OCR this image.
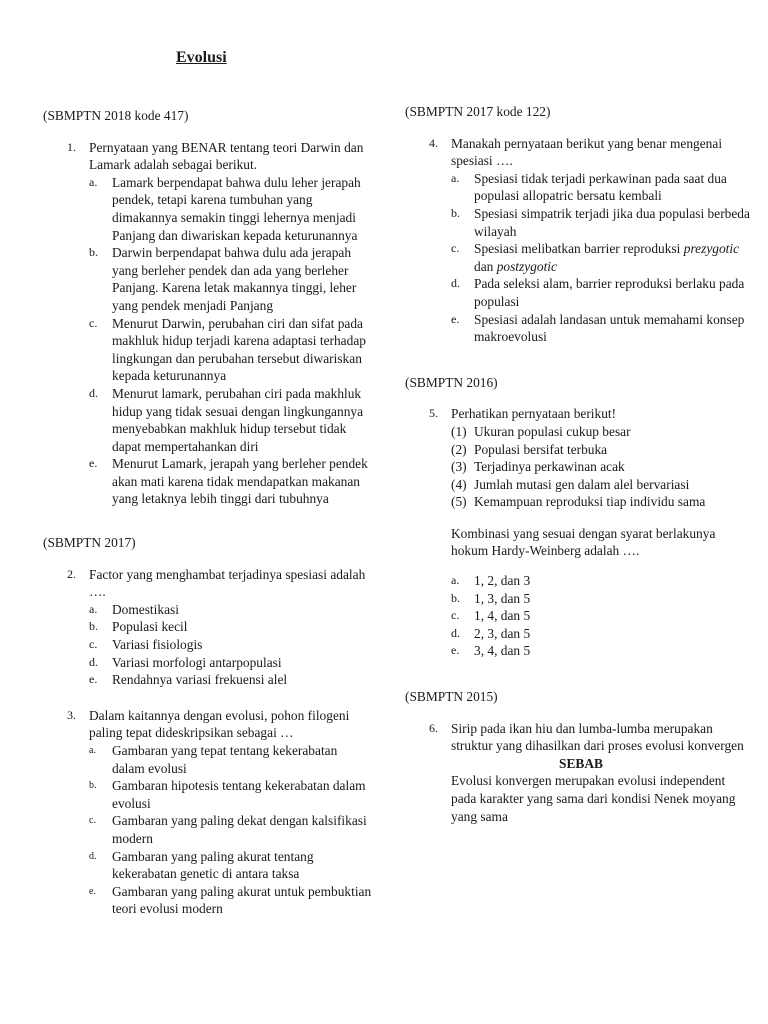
Evolusi

(SBMPTN 2018 kode 417)

1. Pernyataan yang BENAR tentang teori Darwin dan Lamark adalah sebagai berikut.
a.	Lamark berpendapat bahwa dulu leher jerapah pendek, tetapi karena tumbuhan yang dimakannya semakin tinggi lehernya menjadi Panjang dan diwariskan kepada keturunannya
b.	Darwin berpendapat bahwa dulu ada jerapah yang berleher pendek dan ada yang berleher Panjang. Karena letak makannya tinggi, leher yang pendek menjadi Panjang
c.	Menurut Darwin, perubahan ciri dan sifat pada makhluk hidup terjadi karena adaptasi terhadap lingkungan dan perubahan tersebut diwariskan kepada keturunannya
d.	Menurut lamark, perubahan ciri pada makhluk hidup yang tidak sesuai dengan lingkungannya menyebabkan makhluk hidup tersebut tidak dapat mempertahankan diri
e.	Menurut Lamark, jerapah yang berleher pendek akan mati karena tidak mendapatkan makanan yang letaknya lebih tinggi dari tubuhnya

(SBMPTN 2017)

2. Factor yang menghambat terjadinya spesiasi adalah ….
a.	Domestikasi
b.	Populasi kecil
c.	Variasi fisiologis
d.	Variasi morfologi antarpopulasi
e.	Rendahnya variasi frekuensi alel
3. Dalam kaitannya dengan evolusi, pohon filogeni paling tepat dideskripsikan sebagai …
a.	Gambaran yang tepat tentang kekerabatan dalam evolusi
b.	Gambaran hipotesis tentang kekerabatan dalam evolusi
c.	Gambaran yang paling dekat dengan kalsifikasi modern
d.	Gambaran yang paling akurat tentang kekerabatan genetic di antara taksa
e.	Gambaran yang paling akurat untuk pembuktian teori evolusi modern

(SBMPTN 2017 kode 122)

4. Manakah pernyataan berikut yang benar mengenai spesiasi ….
a.	Spesiasi tidak terjadi perkawinan pada saat dua populasi allopatric bersatu kembali
b.	Spesiasi simpatrik terjadi jika dua populasi berbeda wilayah
c.	Spesiasi melibatkan barrier reproduksi prezygotic dan postzygotic
d.	Pada seleksi alam, barrier reproduksi berlaku pada populasi
e.	Spesiasi adalah landasan untuk memahami konsep makroevolusi

(SBMPTN 2016)

5. Perhatikan pernyataan berikut!
(1) Ukuran populasi cukup besar
(2) Populasi bersifat terbuka
(3) Terjadinya perkawinan acak
(4) Jumlah mutasi gen dalam alel bervariasi
(5) Kemampuan reproduksi tiap individu sama
Kombinasi yang sesuai dengan syarat berlakunya hokum Hardy-Weinberg adalah ….
a.	1, 2, dan 3
b.	1, 3, dan 5
c.	1, 4, dan 5
d.	2, 3, dan 5
e.	3, 4, dan 5

(SBMPTN 2015)

6. Sirip pada ikan hiu dan lumba-lumba merupakan struktur yang dihasilkan dari proses evolusi konvergen
SEBAB
Evolusi konvergen merupakan evolusi independent pada karakter yang sama dari kondisi Nenek moyang yang sama
